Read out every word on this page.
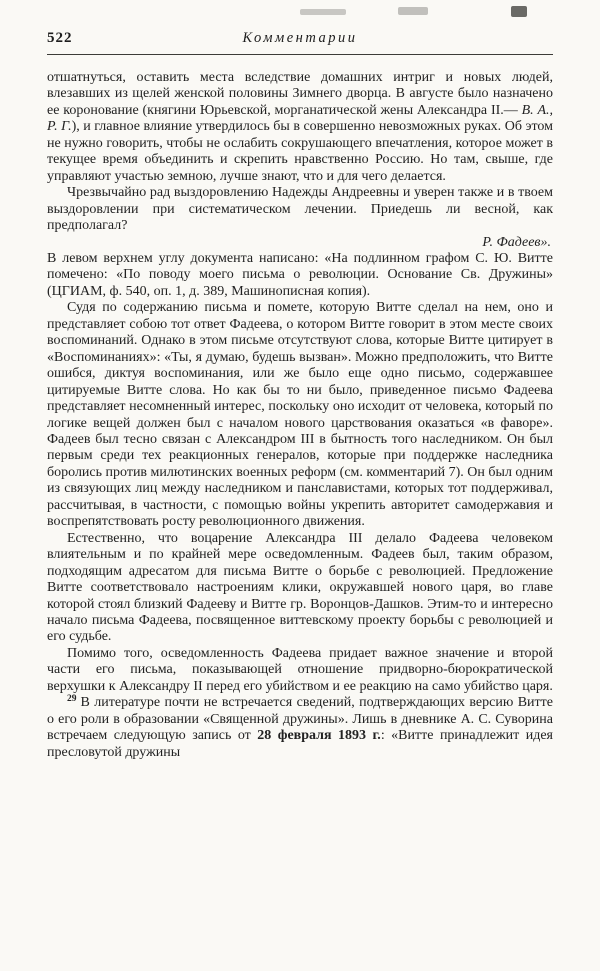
522	Комментарии

отшатнуться, оставить места вследствие домашних интриг и новых людей, влезавших из щелей женской половины Зимнего дворца. В августе было назначено ее коронование (княгини Юрьевской, морганатической жены Александра II.— В. А., Р. Г.), и главное влияние утвердилось бы в совершенно невозможных руках. Об этом не нужно говорить, чтобы не ослабить сокрушающего впечатления, которое может в текущее время объединить и скрепить нравственно Россию. Но там, свыше, где управляют участью земною, лучше знают, что и для чего делается.

Чрезвычайно рад выздоровлению Надежды Андреевны и уверен также и в твоем выздоровлении при систематическом лечении. Приедешь ли весной, как предполагал?

Р. Фадеев».

В левом верхнем углу документа написано: «На подлинном графом С. Ю. Витте помечено: «По поводу моего письма о революции. Основание Св. Дружины» (ЦГИАМ, ф. 540, оп. 1, д. 389, Машинописная копия).

Судя по содержанию письма и помете, которую Витте сделал на нем, оно и представляет собою тот ответ Фадеева, о котором Витте говорит в этом месте своих воспоминаний. Однако в этом письме отсутствуют слова, которые Витте цитирует в «Воспоминаниях»: «Ты, я думаю, будешь вызван». Можно предположить, что Витте ошибся, диктуя воспоминания, или же было еще одно письмо, содержавшее цитируемые Витте слова. Но как бы то ни было, приведенное письмо Фадеева представляет несомненный интерес, поскольку оно исходит от человека, который по логике вещей должен был с началом нового царствования оказаться «в фаворе». Фадеев был тесно связан с Александром III в бытность того наследником. Он был первым среди тех реакционных генералов, которые при поддержке наследника боролись против милютинских военных реформ (см. комментарий 7). Он был одним из связующих лиц между наследником и панславистами, которых тот поддерживал, рассчитывая, в частности, с помощью войны укрепить авторитет самодержавия и воспрепятствовать росту революционного движения.

Естественно, что воцарение Александра III делало Фадеева человеком влиятельным и по крайней мере осведомленным. Фадеев был, таким образом, подходящим адресатом для письма Витте о борьбе с революцией. Предложение Витте соответствовало настроениям клики, окружавшей нового царя, во главе которой стоял близкий Фадееву и Витте гр. Воронцов-Дашков. Этим-то и интересно начало письма Фадеева, посвященное виттевскому проекту борьбы с революцией и его судьбе.

Помимо того, осведомленность Фадеева придает важное значение и второй части его письма, показывающей отношение придворно-бюрократической верхушки к Александру II перед его убийством и ее реакцию на само убийство царя.

$^{29}$ В литературе почти не встречается сведений, подтверждающих версию Витте о его роли в образовании «Священной дружины». Лишь в дневнике А. С. Суворина встречаем следующую запись от 28 февраля 1893 г.: «Витте принадлежит идея пресловутой дружины
